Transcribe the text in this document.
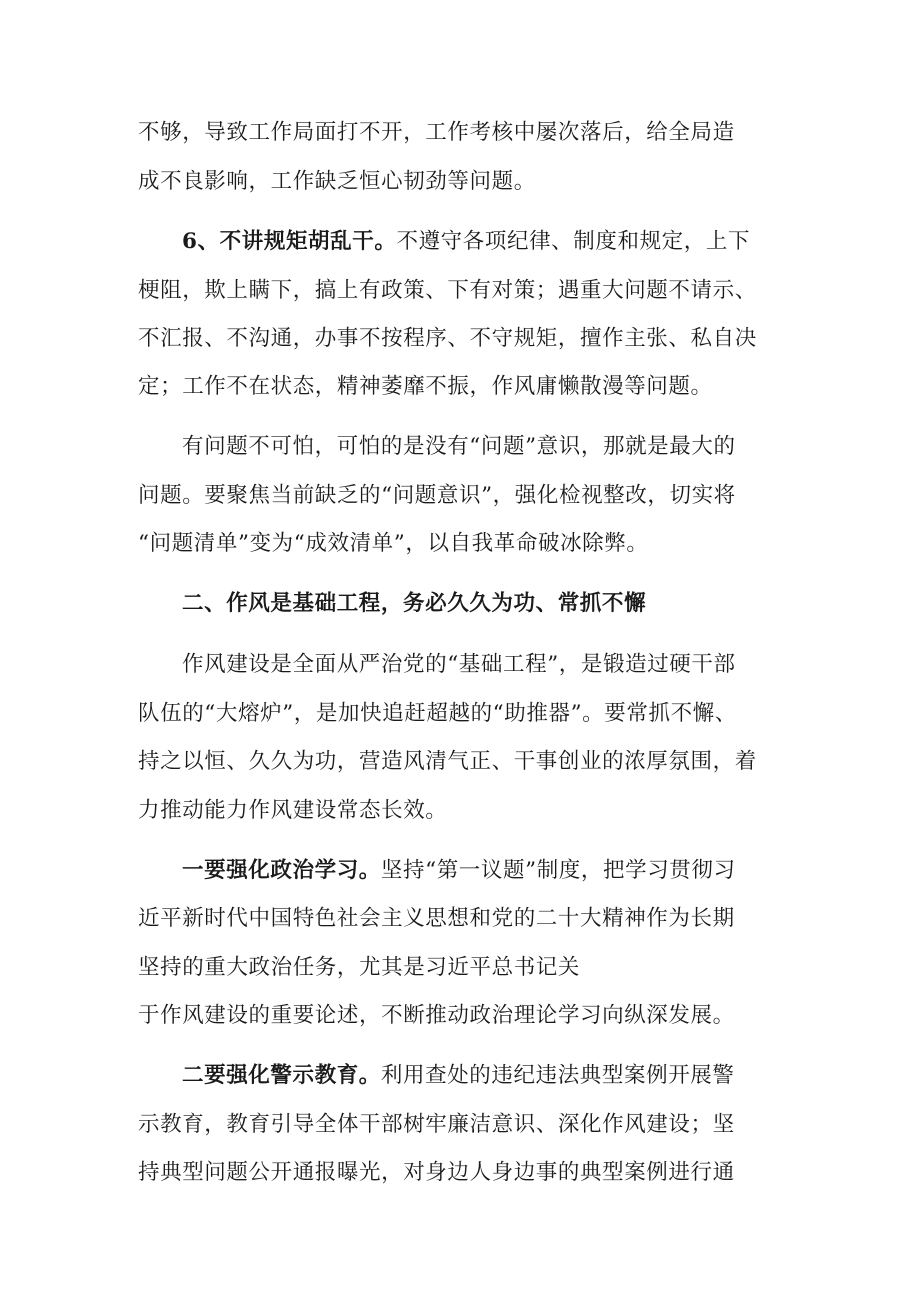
不够，导致工作局面打不开，工作考核中屡次落后，给全局造
成不良影响，工作缺乏恒心韧劲等问题。
6、不讲规矩胡乱干。不遵守各项纪律、制度和规定，上下
梗阻，欺上瞒下，搞上有政策、下有对策；遇重大问题不请示、
不汇报、不沟通，办事不按程序、不守规矩，擅作主张、私自决
定；工作不在状态，精神萎靡不振，作风庸懒散漫等问题。
有问题不可怕，可怕的是没有“问题”意识，那就是最大的
问题。要聚焦当前缺乏的“问题意识”，强化检视整改，切实将
“问题清单”变为“成效清单”，以自我革命破冰除弊。
二、作风是基础工程，务必久久为功、常抓不懈
作风建设是全面从严治党的“基础工程”，是锻造过硬干部
队伍的“大熔炉”，是加快追赶超越的“助推器”。要常抓不懈、
持之以恒、久久为功，营造风清气正、干事创业的浓厚氛围，着
力推动能力作风建设常态长效。
一要强化政治学习。坚持“第一议题”制度，把学习贯彻习
近平新时代中国特色社会主义思想和党的二十大精神作为长期
坚持的重大政治任务，尤其是习近平总书记关
于作风建设的重要论述，不断推动政治理论学习向纵深发展。
二要强化警示教育。利用查处的违纪违法典型案例开展警
示教育，教育引导全体干部树牢廉洁意识、深化作风建设；坚
持典型问题公开通报曝光，对身边人身边事的典型案例进行通
